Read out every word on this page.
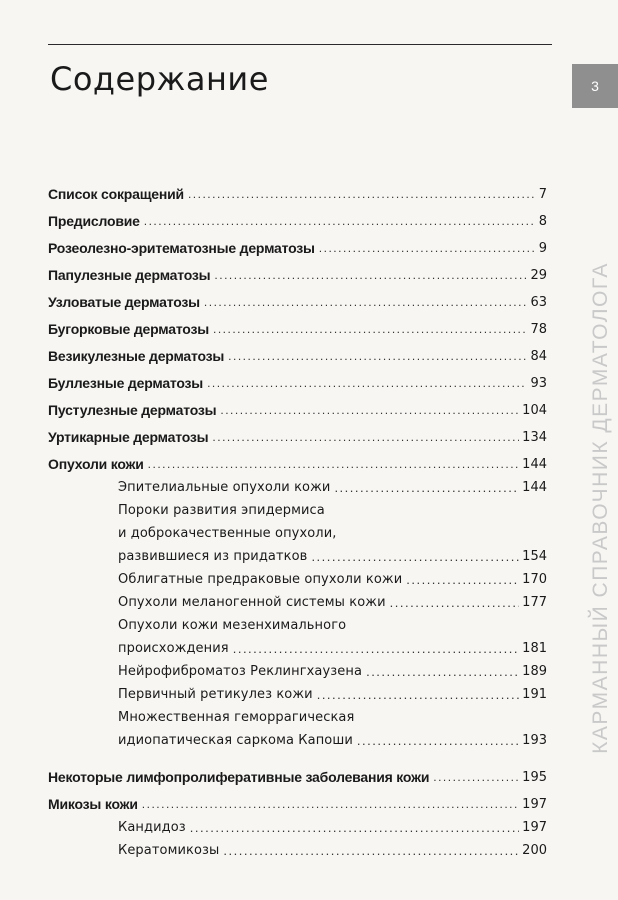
Содержание	3
КАРМАННЫЙ СПРАВОЧНИК ДЕРМАТОЛОГА
Список сокращений .....	7
Предисловие .....	8
Розеолезно-эритематозные дерматозы .....	9
Папулезные дерматозы .....	29
Узловатые дерматозы .....	63
Бугорковые дерматозы .....	78
Везикулезные дерматозы .....	84
Буллезные дерматозы .....	93
Пустулезные дерматозы .....	104
Уртикарные дерматозы .....	134
Опухоли кожи .....	144
Эпителиальные опухоли кожи .....	144
Пороки развития эпидермиса
и доброкачественные опухоли,
развившиеся из придатков .....	154
Облигатные предраковые опухоли кожи .....	170
Опухоли меланогенной системы кожи .....	177
Опухоли кожи мезенхимального
происхождения .....	181
Нейрофиброматоз Реклингхаузена .....	189
Первичный ретикулез кожи .....	191
Множественная геморрагическая
идиопатическая саркома Капоши .....	193
Некоторые лимфопролиферативные заболевания кожи .....	195
Микозы кожи .....	197
Кандидоз .....	197
Кератомикозы .....	200
